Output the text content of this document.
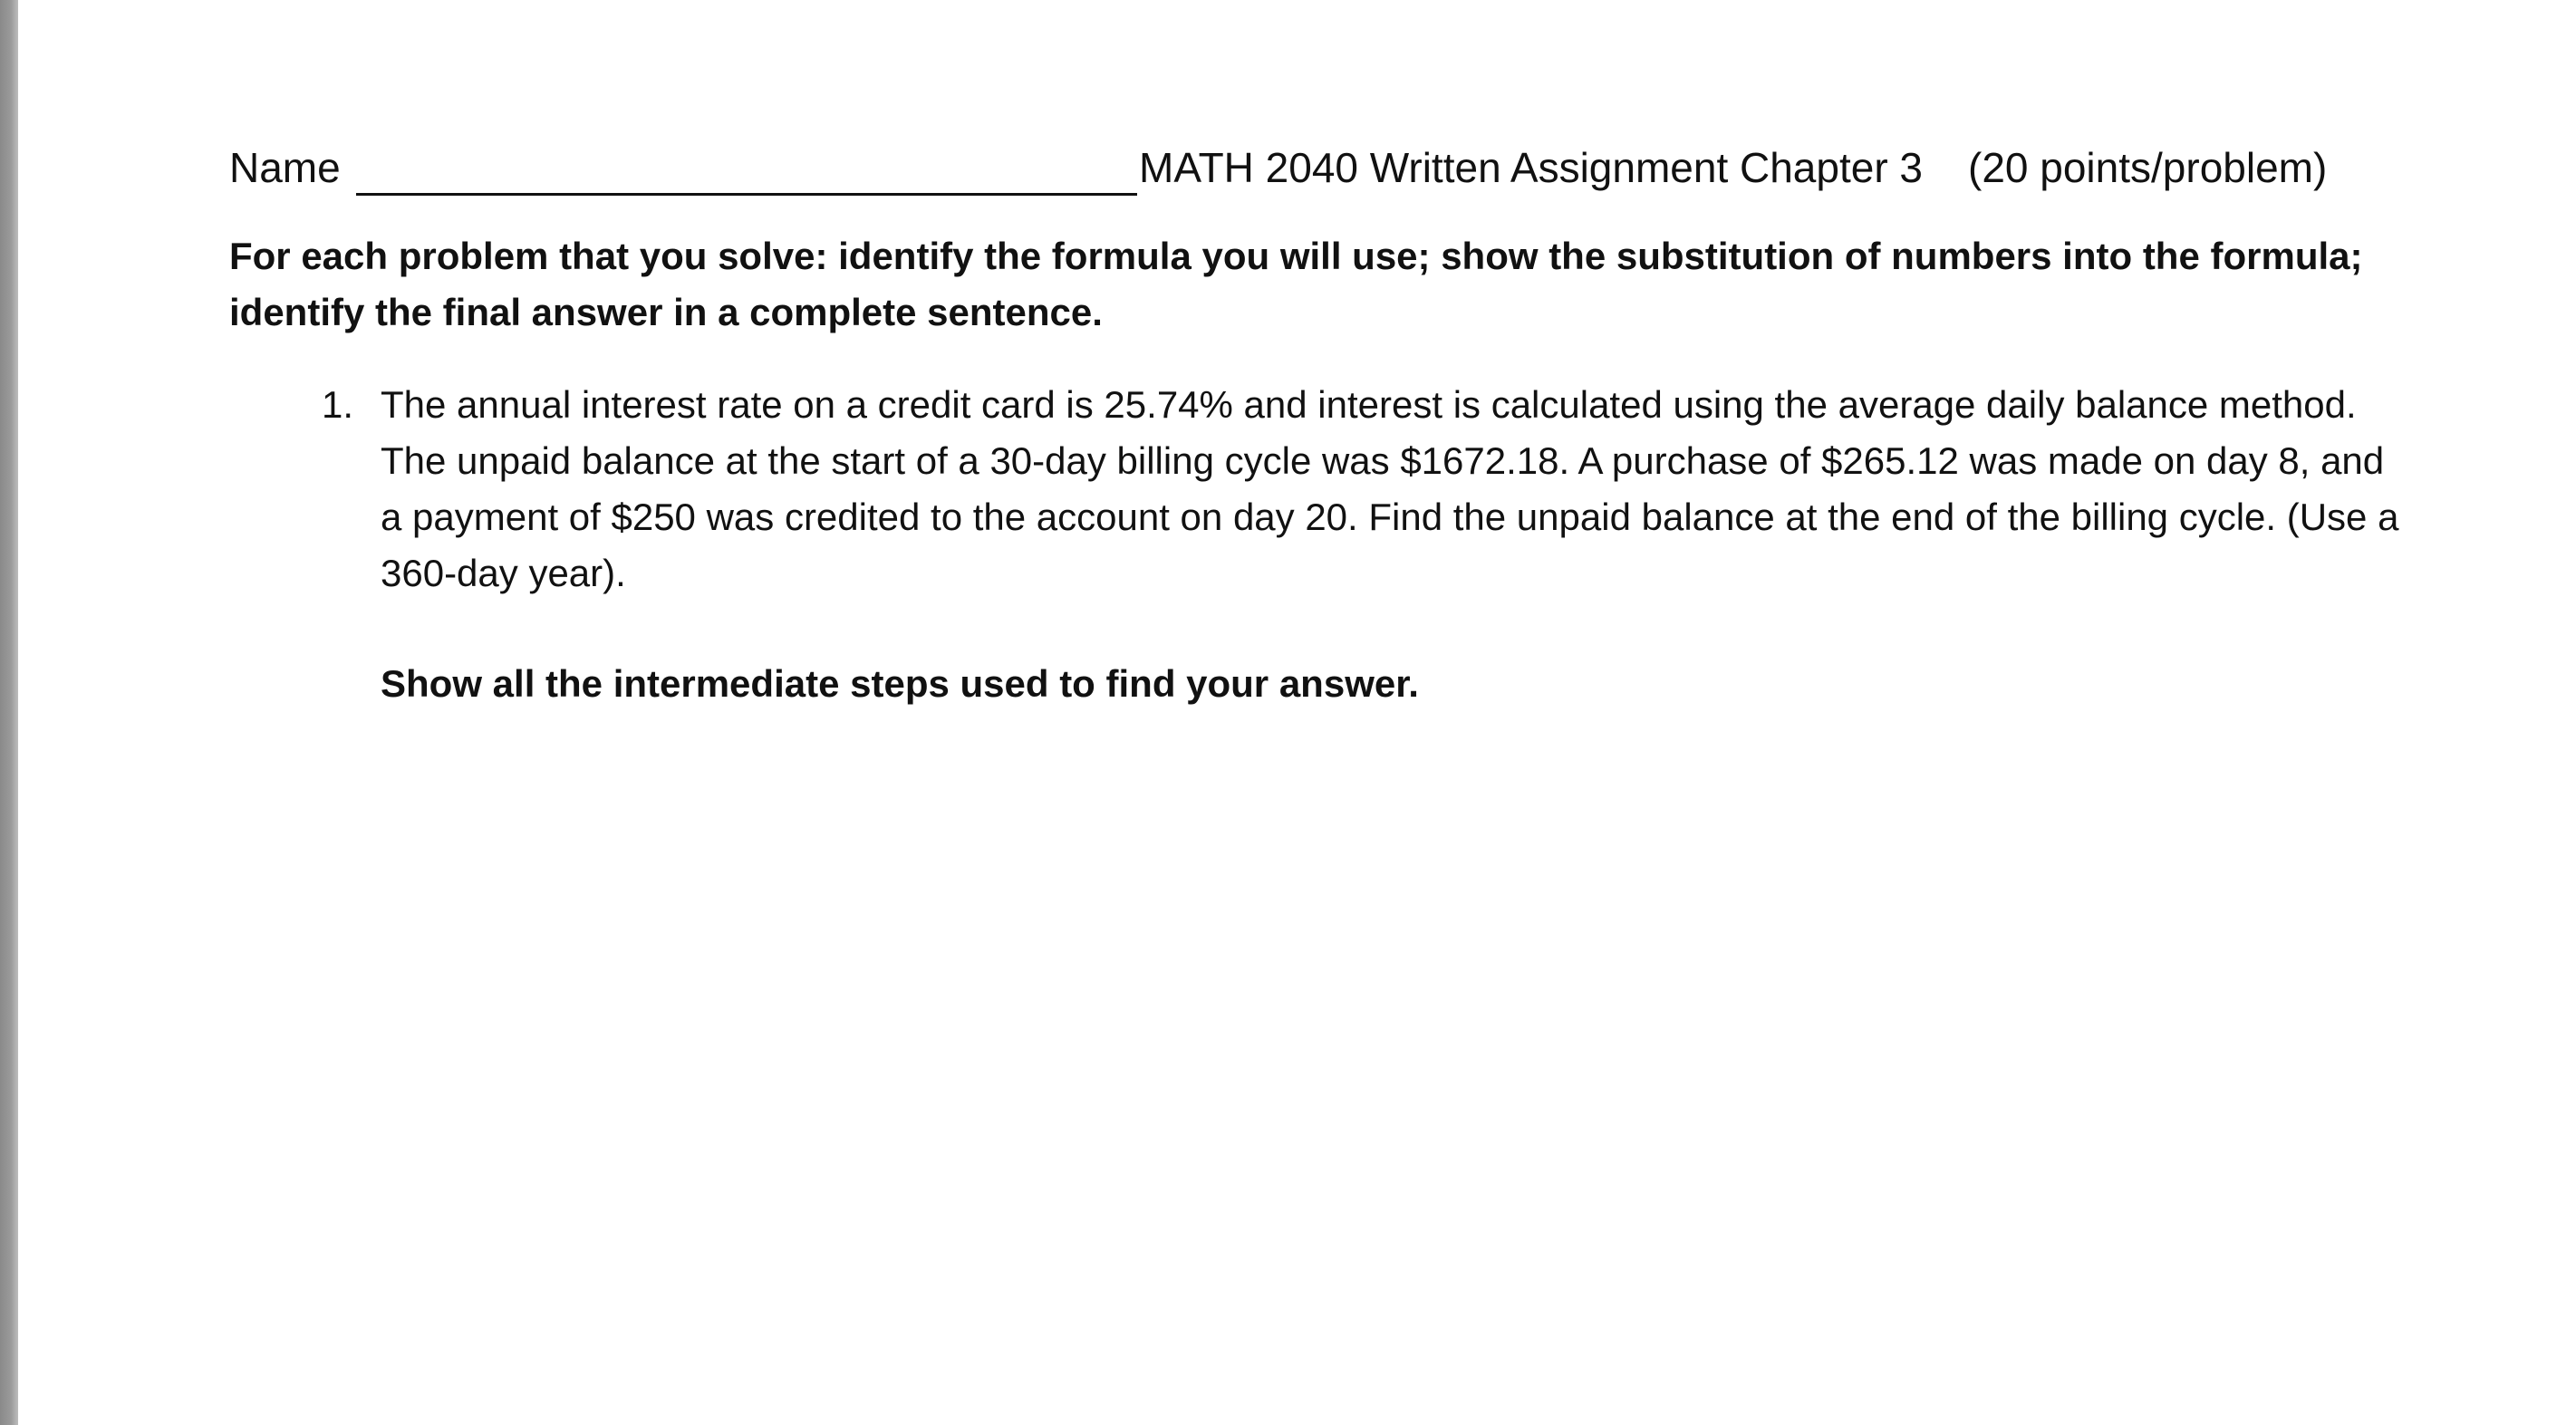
Name	MATH 2040 Written Assignment Chapter 3 (20 points/problem)
For each problem that you solve: identify the formula you will use; show the substitution of numbers into the formula; identify the final answer in a complete sentence.
1. The annual interest rate on a credit card is 25.74% and interest is calculated using the average daily balance method. The unpaid balance at the start of a 30-day billing cycle was $1672.18. A purchase of $265.12 was made on day 8, and a payment of $250 was credited to the account on day 20. Find the unpaid balance at the end of the billing cycle. (Use a 360-day year).
Show all the intermediate steps used to find your answer.
